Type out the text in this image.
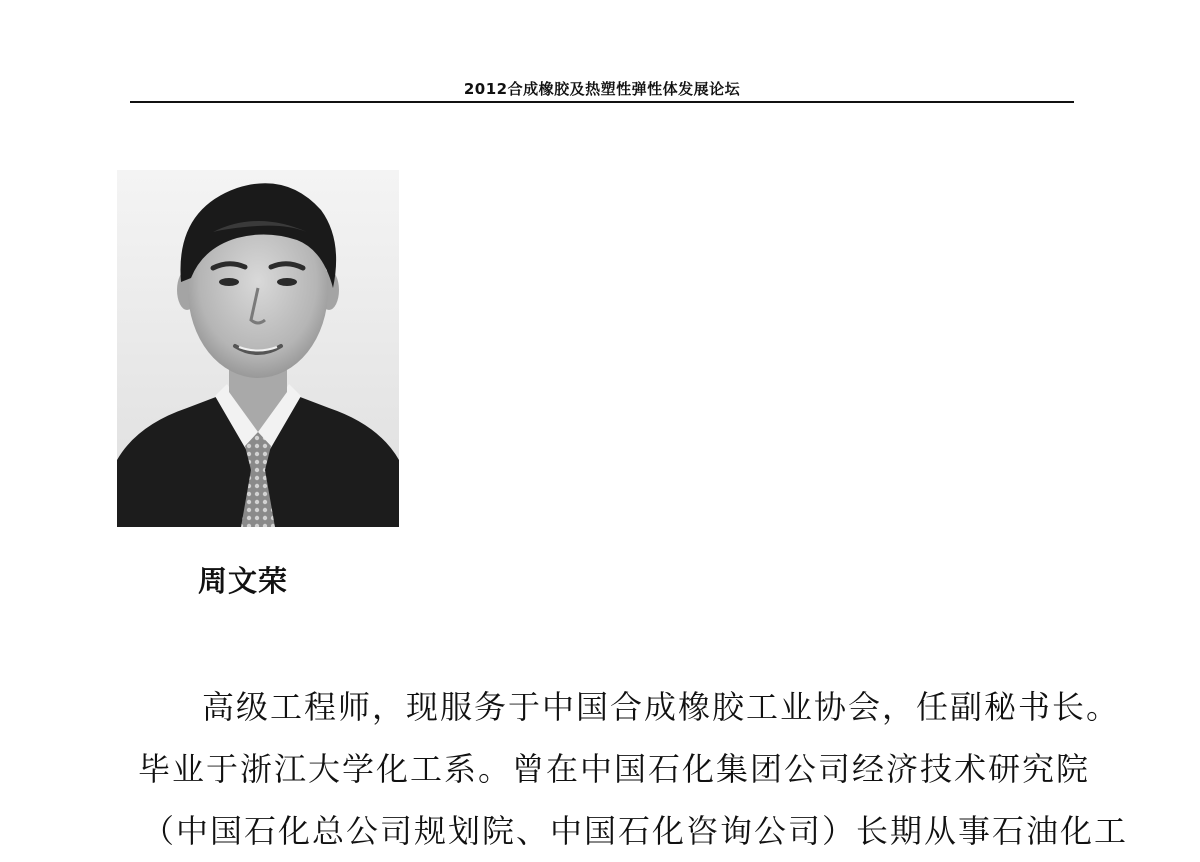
2012合成橡胶及热塑性弹性体发展论坛
周文荣
高级工程师，现服务于中国合成橡胶工业协会，任副秘书长。
毕业于浙江大学化工系。曾在中国石化集团公司经济技术研究院
（中国石化总公司规划院、中国石化咨询公司）长期从事石油化工
